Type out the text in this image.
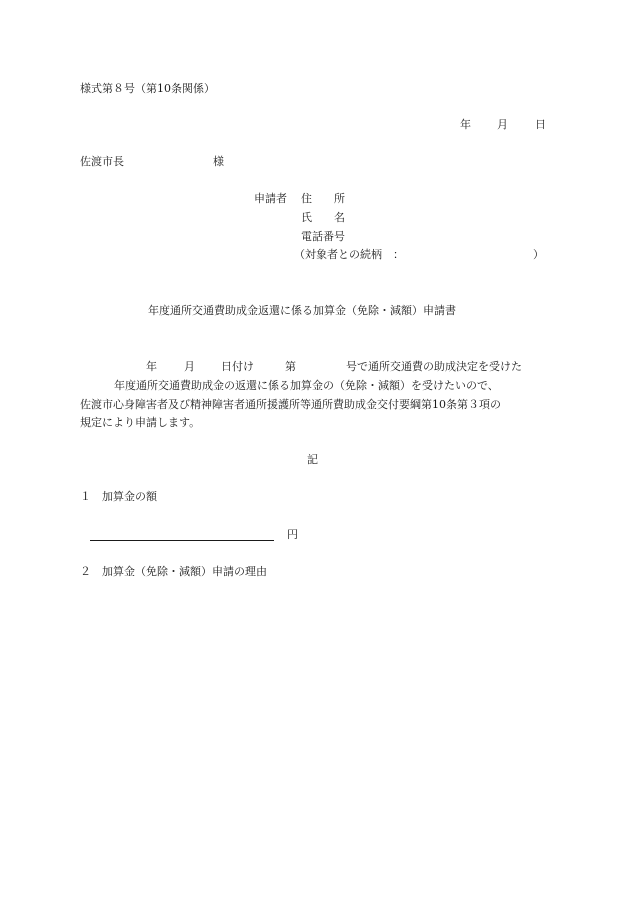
様式第８号（第10条関係）
年 月 日
佐渡市長	様
申請者 住　　所
氏　　名
電話番号
（対象者との続柄　：	）
年度通所交通費助成金返還に係る加算金（免除・減額）申請書
年 月 日付け	第	号で通所交通費の助成決定を受けた
年度通所交通費助成金の返還に係る加算金の（免除・減額）を受けたいので、
佐渡市心身障害者及び精神障害者通所援護所等通所費助成金交付要綱第10条第３項の
規定により申請します。
記
１　加算金の額
円
２　加算金（免除・減額）申請の理由
